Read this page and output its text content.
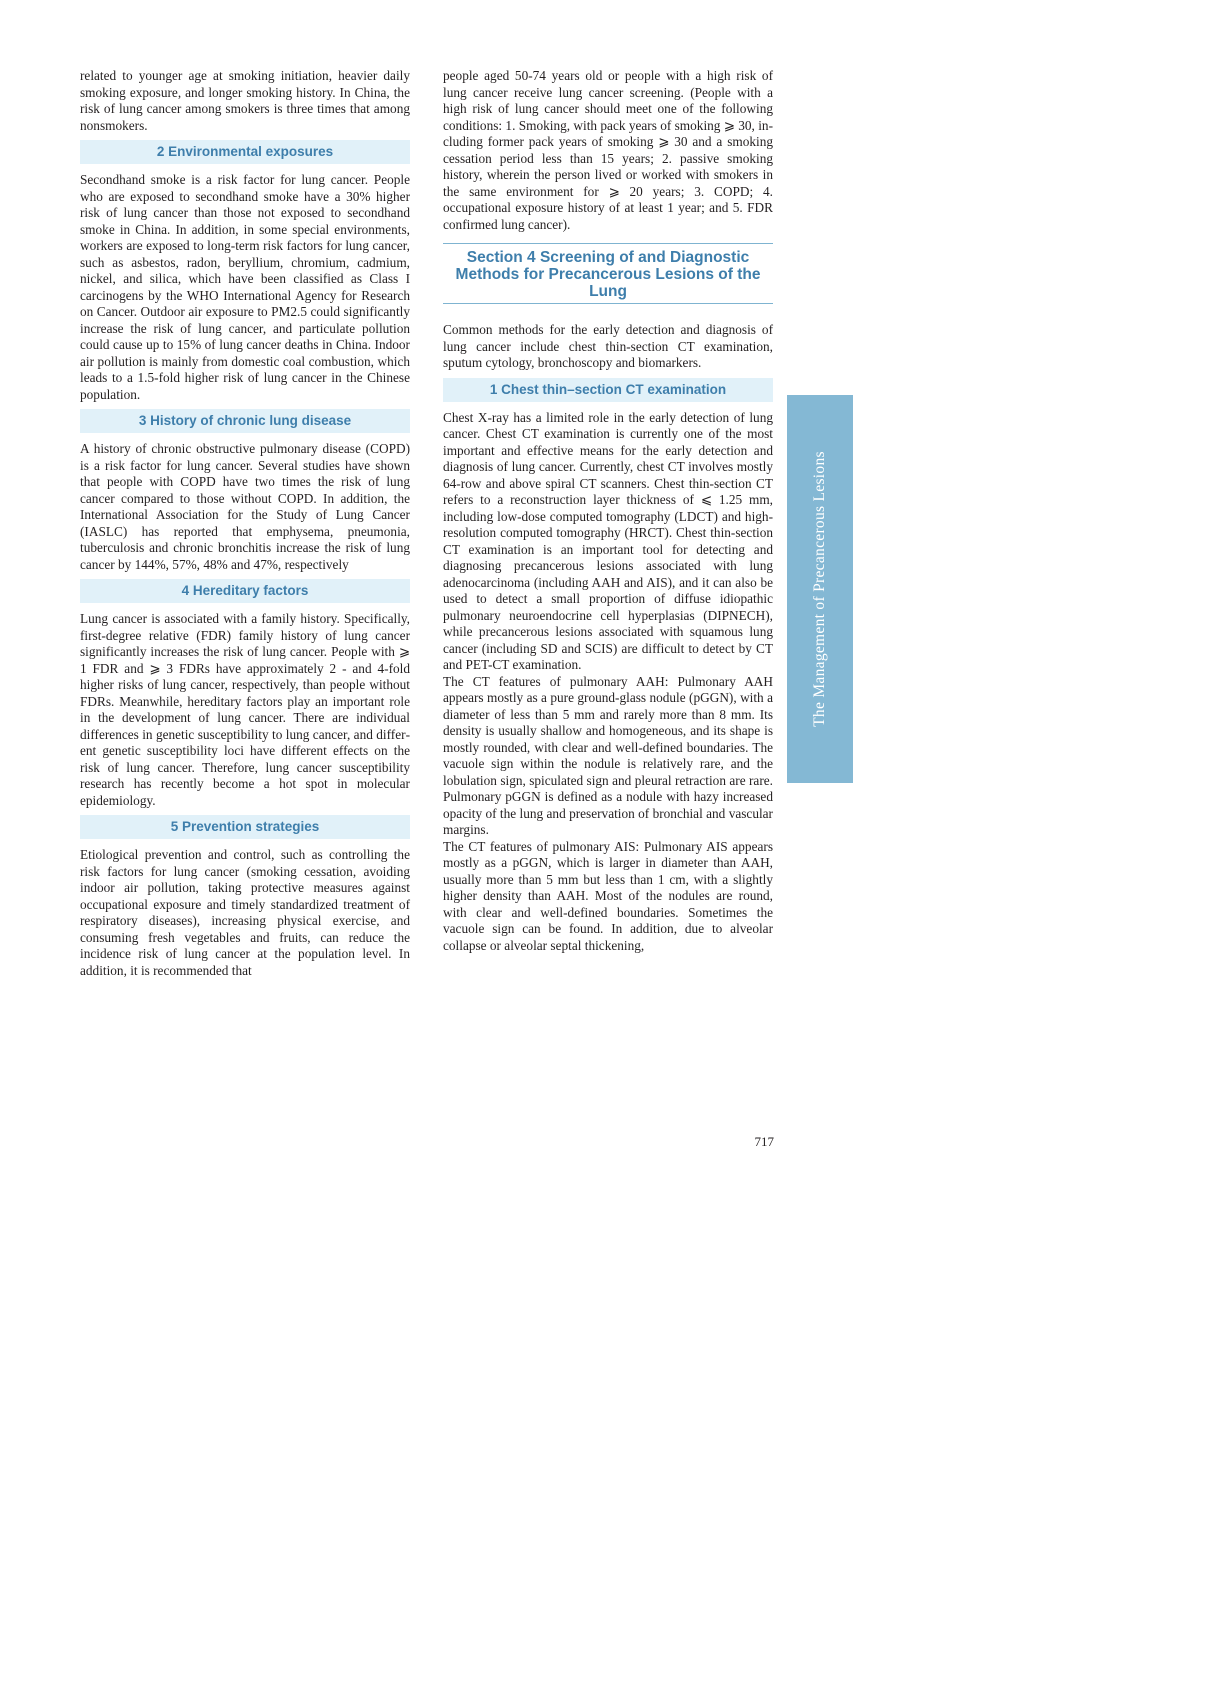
related to younger age at smoking initiation, heavier daily smoking exposure, and longer smoking history. In China, the risk of lung cancer among smokers is three times that among nonsmokers.

2 Environmental exposures

Secondhand smoke is a risk factor for lung cancer. People who are exposed to secondhand smoke have a 30% higher risk of lung cancer than those not exposed to secondhand smoke in China. In addition, in some special environments, workers are exposed to long-term risk factors for lung cancer, such as asbestos, radon, beryllium, chromium, cadmium, nickel, and silica, which have been classified as Class I carcinogens by the WHO International Agency for Research on Cancer. Outdoor air exposure to PM2.5 could significantly increase the risk of lung cancer, and particulate pollution could cause up to 15% of lung cancer deaths in China. Indoor air pollution is mainly from domestic coal combustion, which leads to a 1.5-fold higher risk of lung cancer in the Chinese population.

3 History of chronic lung disease

A history of chronic obstructive pulmonary disease (COPD) is a risk factor for lung cancer. Several studies have shown that people with COPD have two times the risk of lung cancer compared to those without COPD. In addition, the International Association for the Study of Lung Cancer (IASLC) has reported that emphysema, pneumonia, tuberculosis and chronic bronchitis increase the risk of lung cancer by 144%, 57%, 48% and 47%, respectively

4 Hereditary factors

Lung cancer is associated with a family history. Specifically, first-degree relative (FDR) family history of lung cancer significantly increases the risk of lung cancer. People with ⩾ 1 FDR and ⩾ 3 FDRs have approximately 2 - and 4-fold higher risks of lung cancer, respectively, than people without FDRs. Meanwhile, hereditary factors play an important role in the development of lung cancer. There are individual differences in genetic susceptibility to lung cancer, and different genetic susceptibility loci have different effects on the risk of lung cancer. Therefore, lung cancer susceptibility research has recently become a hot spot in molecular epidemiology.

5 Prevention strategies

Etiological prevention and control, such as controlling the risk factors for lung cancer (smoking cessation, avoiding indoor air pollution, taking protective measures against occupational exposure and timely standardized treatment of respiratory diseases), increasing physical exercise, and consuming fresh vegetables and fruits, can reduce the incidence risk of lung cancer at the population level. In addition, it is recommended that

people aged 50-74 years old or people with a high risk of lung cancer receive lung cancer screening. (People with a high risk of lung cancer should meet one of the following conditions: 1. Smoking, with pack years of smoking ⩾ 30, including former pack years of smoking ⩾ 30 and a smoking cessation period less than 15 years; 2. passive smoking history, wherein the person lived or worked with smokers in the same environment for ⩾ 20 years; 3. COPD; 4. occupational exposure history of at least 1 year; and 5. FDR confirmed lung cancer).

Section 4 Screening of and Diagnostic Methods for Precancerous Lesions of the Lung

Common methods for the early detection and diagnosis of lung cancer include chest thin-section CT examination, sputum cytology, bronchoscopy and biomarkers.

1 Chest thin–section CT examination

Chest X-ray has a limited role in the early detection of lung cancer. Chest CT examination is currently one of the most important and effective means for the early detection and diagnosis of lung cancer. Currently, chest CT involves mostly 64-row and above spiral CT scanners. Chest thin-section CT refers to a reconstruction layer thickness of ⩽ 1.25 mm, including low-dose computed tomography (LDCT) and high-resolution computed tomography (HRCT). Chest thin-section CT examination is an important tool for detecting and diagnosing precancerous lesions associated with lung adenocarcinoma (including AAH and AIS), and it can also be used to detect a small proportion of diffuse idiopathic pulmonary neuroendocrine cell hyperplasias (DIPNECH), while precancerous lesions associated with squamous lung cancer (including SD and SCIS) are difficult to detect by CT and PET-CT examination.

The CT features of pulmonary AAH: Pulmonary AAH appears mostly as a pure ground-glass nodule (pGGN), with a diameter of less than 5 mm and rarely more than 8 mm. Its density is usually shallow and homogeneous, and its shape is mostly rounded, with clear and well-defined boundaries. The vacuole sign within the nodule is relatively rare, and the lobulation sign, spiculated sign and pleural retraction are rare. Pulmonary pGGN is defined as a nodule with hazy increased opacity of the lung and preservation of bronchial and vascular margins.

The CT features of pulmonary AIS: Pulmonary AIS appears mostly as a pGGN, which is larger in diameter than AAH, usually more than 5 mm but less than 1 cm, with a slightly higher density than AAH. Most of the nodules are round, with clear and well-defined boundaries. Sometimes the vacuole sign can be found. In addition, due to alveolar collapse or alveolar septal thickening,

The Management of Precancerous Lesions
717
